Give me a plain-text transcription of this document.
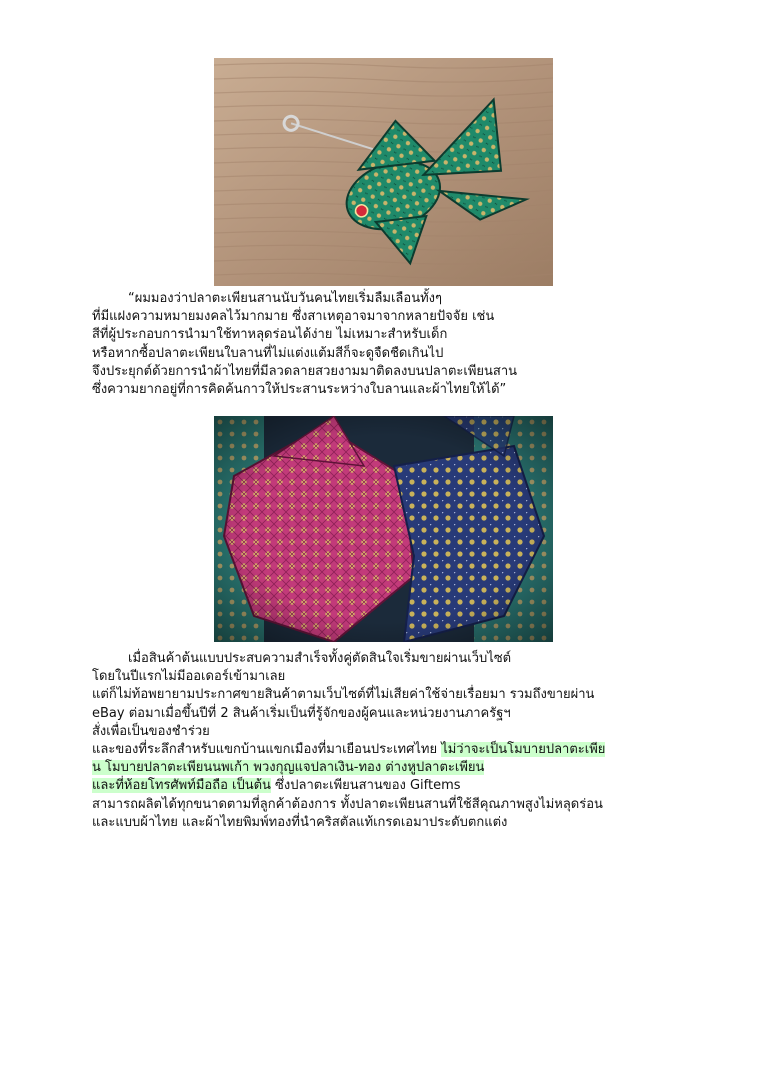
“ผมมองว่าปลาตะเพียนสานนับวันคนไทยเริ่มลืมเลือนทั้งๆ
ที่มีแฝงความหมายมงคลไว้มากมาย ซึ่งสาเหตุอาจมาจากหลายปัจจัย เช่น
สีที่ผู้ประกอบการนำมาใช้ทาหลุดร่อนได้ง่าย ไม่เหมาะสำหรับเด็ก
หรือหากซื้อปลาตะเพียนใบลานที่ไม่แต่งแต้มสีก็จะดูจืดชืดเกินไป
จึงประยุกต์ด้วยการนำผ้าไทยที่มีลวดลายสวยงามมาติดลงบนปลาตะเพียนสาน
ซึ่งความยากอยู่ที่การคิดค้นกาวให้ประสานระหว่างใบลานและผ้าไทยให้ได้”
เมื่อสินค้าต้นแบบประสบความสำเร็จทั้งคู่ตัดสินใจเริ่มขายผ่านเว็บไซต์
โดยในปีแรกไม่มีออเดอร์เข้ามาเลย
แต่ก็ไม่ท้อพยายามประกาศขายสินค้าตามเว็บไซต์ที่ไม่เสียค่าใช้จ่ายเรื่อยมา รวมถึงขายผ่าน
eBay ต่อมาเมื่อขึ้นปีที่ 2 สินค้าเริ่มเป็นที่รู้จักของผู้คนและหน่วยงานภาครัฐฯ
สั่งเพื่อเป็นของชำร่วย
และของที่ระลึกสำหรับแขกบ้านแขกเมืองที่มาเยือนประเทศไทย ไม่ว่าจะเป็นโมบายปลาตะเพีย
น โมบายปลาตะเพียนนพเก้า พวงกุญแจปลาเงิน-ทอง ต่างหูปลาตะเพียน
และที่ห้อยโทรศัพท์มือถือ เป็นต้น ซึ่งปลาตะเพียนสานของ Giftems
สามารถผลิตได้ทุกขนาดตามที่ลูกค้าต้องการ ทั้งปลาตะเพียนสานที่ใช้สีคุณภาพสูงไม่หลุดร่อน
และแบบผ้าไทย และผ้าไทยพิมพ์ทองที่นำคริสตัลแท้เกรดเอมาประดับตกแต่ง
